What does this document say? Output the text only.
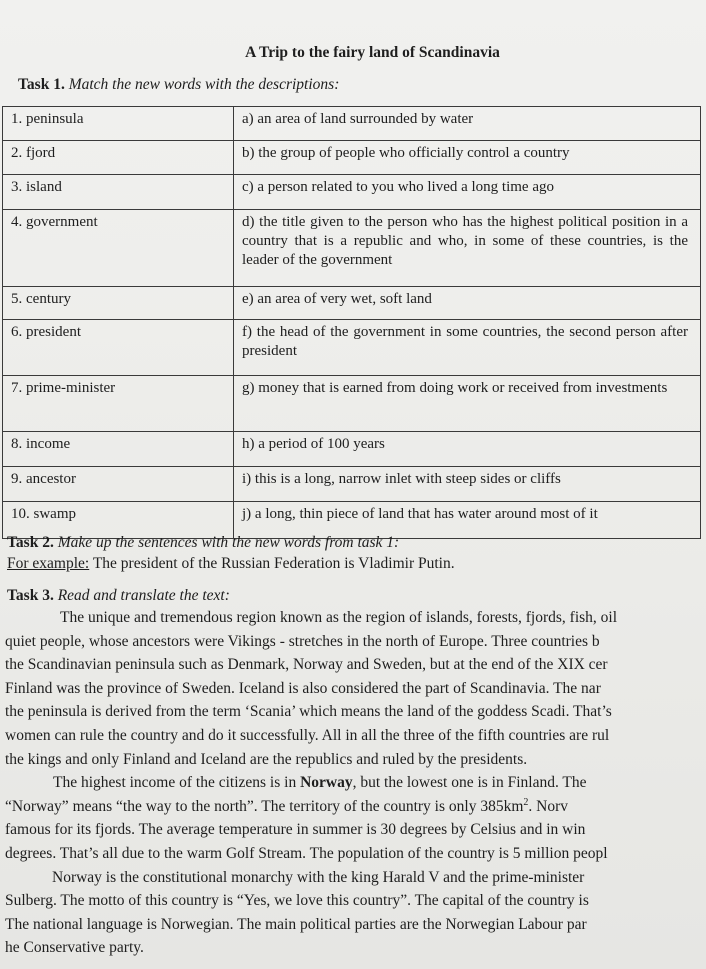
A Trip to the fairy land of Scandinavia
Task 1. Match the new words with the descriptions:
1. peninsula	a) an area of land surrounded by water
2. fjord	b) the group of people who officially control a country
3. island	c) a person related to you who lived a long time ago
4. government	d) the title given to the person who has the highest political position in a country that is a republic and who, in some of these countries, is the leader of the government
5. century	e) an area of very wet, soft land
6. president	f) the head of the government in some countries, the second person after president
7. prime-minister	g) money that is earned from doing work or received from investments
8. income	h) a period of 100 years
9. ancestor	i) this is a long, narrow inlet with steep sides or cliffs
10. swamp	j) a long, thin piece of land that has water around most of it
Task 2. Make up the sentences with the new words from task 1:
For example: The president of the Russian Federation is Vladimir Putin.
Task 3. Read and translate the text:
The unique and tremendous region known as the region of islands, forests, fjords, fish, oil
quiet people, whose ancestors were Vikings - stretches in the north of Europe. Three countries b
the Scandinavian peninsula such as Denmark, Norway and Sweden, but at the end of the XIX cer
Finland was the province of Sweden. Iceland is also considered the part of Scandinavia. The nar
the peninsula is derived from the term ‘Scania’ which means the land of the goddess Scadi. That’s
women can rule the country and do it successfully. All in all the three of the fifth countries are rul
the kings and only Finland and Iceland are the republics and ruled by the presidents.
The highest income of the citizens is in Norway, but the lowest one is in Finland. The
“Norway” means “the way to the north”. The territory of the country is only $385km^2$. Norv
famous for its fjords. The average temperature in summer is 30 degrees by Celsius and in win
degrees. That’s all due to the warm Golf Stream. The population of the country is 5 million peopl
Norway is the constitutional monarchy with the king Harald V and the prime-minister
Sulberg. The motto of this country is “Yes, we love this country”. The capital of the country is
The national language is Norwegian. The main political parties are the Norwegian Labour par
he Conservative party.
